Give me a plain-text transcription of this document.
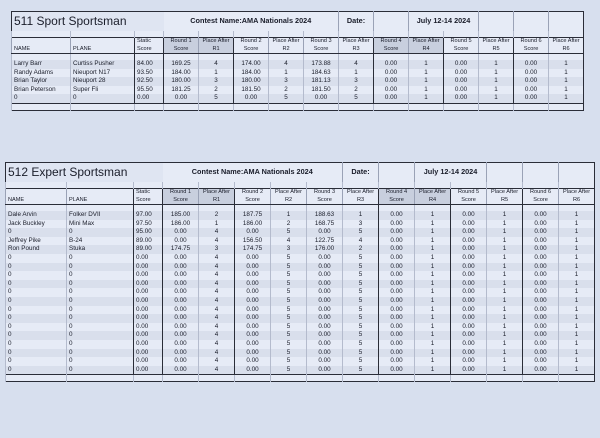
511 Sport Sportsman			Contest Name:AMA Nationals 2024					Date:		July 12-14 2024				

		Static	Round 1	Place After	Round 2	Place After	Round 3	Place After	Round 4	Place After	Round 5	Place After	Round 6	Place After
NAME	PLANE	Score	Score	R1	Score	R2	Score	R3	Score	R4	Score	R5	Score	R6

Larry Barr	Curtiss Pusher	84.00	169.25	4	174.00	4	173.88	4	0.00	1	0.00	1	0.00	1
Randy Adams	Nieuport N17	93.50	184.00	1	184.00	1	184.63	1	0.00	1	0.00	1	0.00	1
Brian Taylor	Nieuport 28	92.50	180.00	3	180.00	3	181.13	3	0.00	1	0.00	1	0.00	1
Brian Peterson	Super Fli	95.50	181.25	2	181.50	2	181.50	2	0.00	1	0.00	1	0.00	1
0	0	0.00	0.00	5	0.00	5	0.00	5	0.00	1	0.00	1	0.00	1

512 Expert Sportsman			Contest Name:AMA Nationals 2024					Date:		July 12-14 2024				

		Static	Round 1	Place After	Round 2	Place After	Round 3	Place After	Round 4	Place After	Round 5	Place After	Round 6	Place After
NAME	PLANE	Score	Score	R1	Score	R2	Score	R3	Score	R4	Score	R5	Score	R6

Dale Arvin	Folker DVII	97.00	185.00	2	187.75	1	188.63	1	0.00	1	0.00	1	0.00	1
Jack Buckley	Mini Max	97.50	186.00	1	186.00	2	168.75	3	0.00	1	0.00	1	0.00	1
0	0	95.00	0.00	4	0.00	5	0.00	5	0.00	1	0.00	1	0.00	1
Jeffrey Pike	B-24	89.00	0.00	4	156.50	4	122.75	4	0.00	1	0.00	1	0.00	1
Ron Pound	Stuka	89.00	174.75	3	174.75	3	176.00	2	0.00	1	0.00	1	0.00	1
0	0	0.00	0.00	4	0.00	5	0.00	5	0.00	1	0.00	1	0.00	1
0	0	0.00	0.00	4	0.00	5	0.00	5	0.00	1	0.00	1	0.00	1
0	0	0.00	0.00	4	0.00	5	0.00	5	0.00	1	0.00	1	0.00	1
0	0	0.00	0.00	4	0.00	5	0.00	5	0.00	1	0.00	1	0.00	1
0	0	0.00	0.00	4	0.00	5	0.00	5	0.00	1	0.00	1	0.00	1
0	0	0.00	0.00	4	0.00	5	0.00	5	0.00	1	0.00	1	0.00	1
0	0	0.00	0.00	4	0.00	5	0.00	5	0.00	1	0.00	1	0.00	1
0	0	0.00	0.00	4	0.00	5	0.00	5	0.00	1	0.00	1	0.00	1
0	0	0.00	0.00	4	0.00	5	0.00	5	0.00	1	0.00	1	0.00	1
0	0	0.00	0.00	4	0.00	5	0.00	5	0.00	1	0.00	1	0.00	1
0	0	0.00	0.00	4	0.00	5	0.00	5	0.00	1	0.00	1	0.00	1
0	0	0.00	0.00	4	0.00	5	0.00	5	0.00	1	0.00	1	0.00	1
0	0	0.00	0.00	4	0.00	5	0.00	5	0.00	1	0.00	1	0.00	1
0	0	0.00	0.00	4	0.00	5	0.00	5	0.00	1	0.00	1	0.00	1
